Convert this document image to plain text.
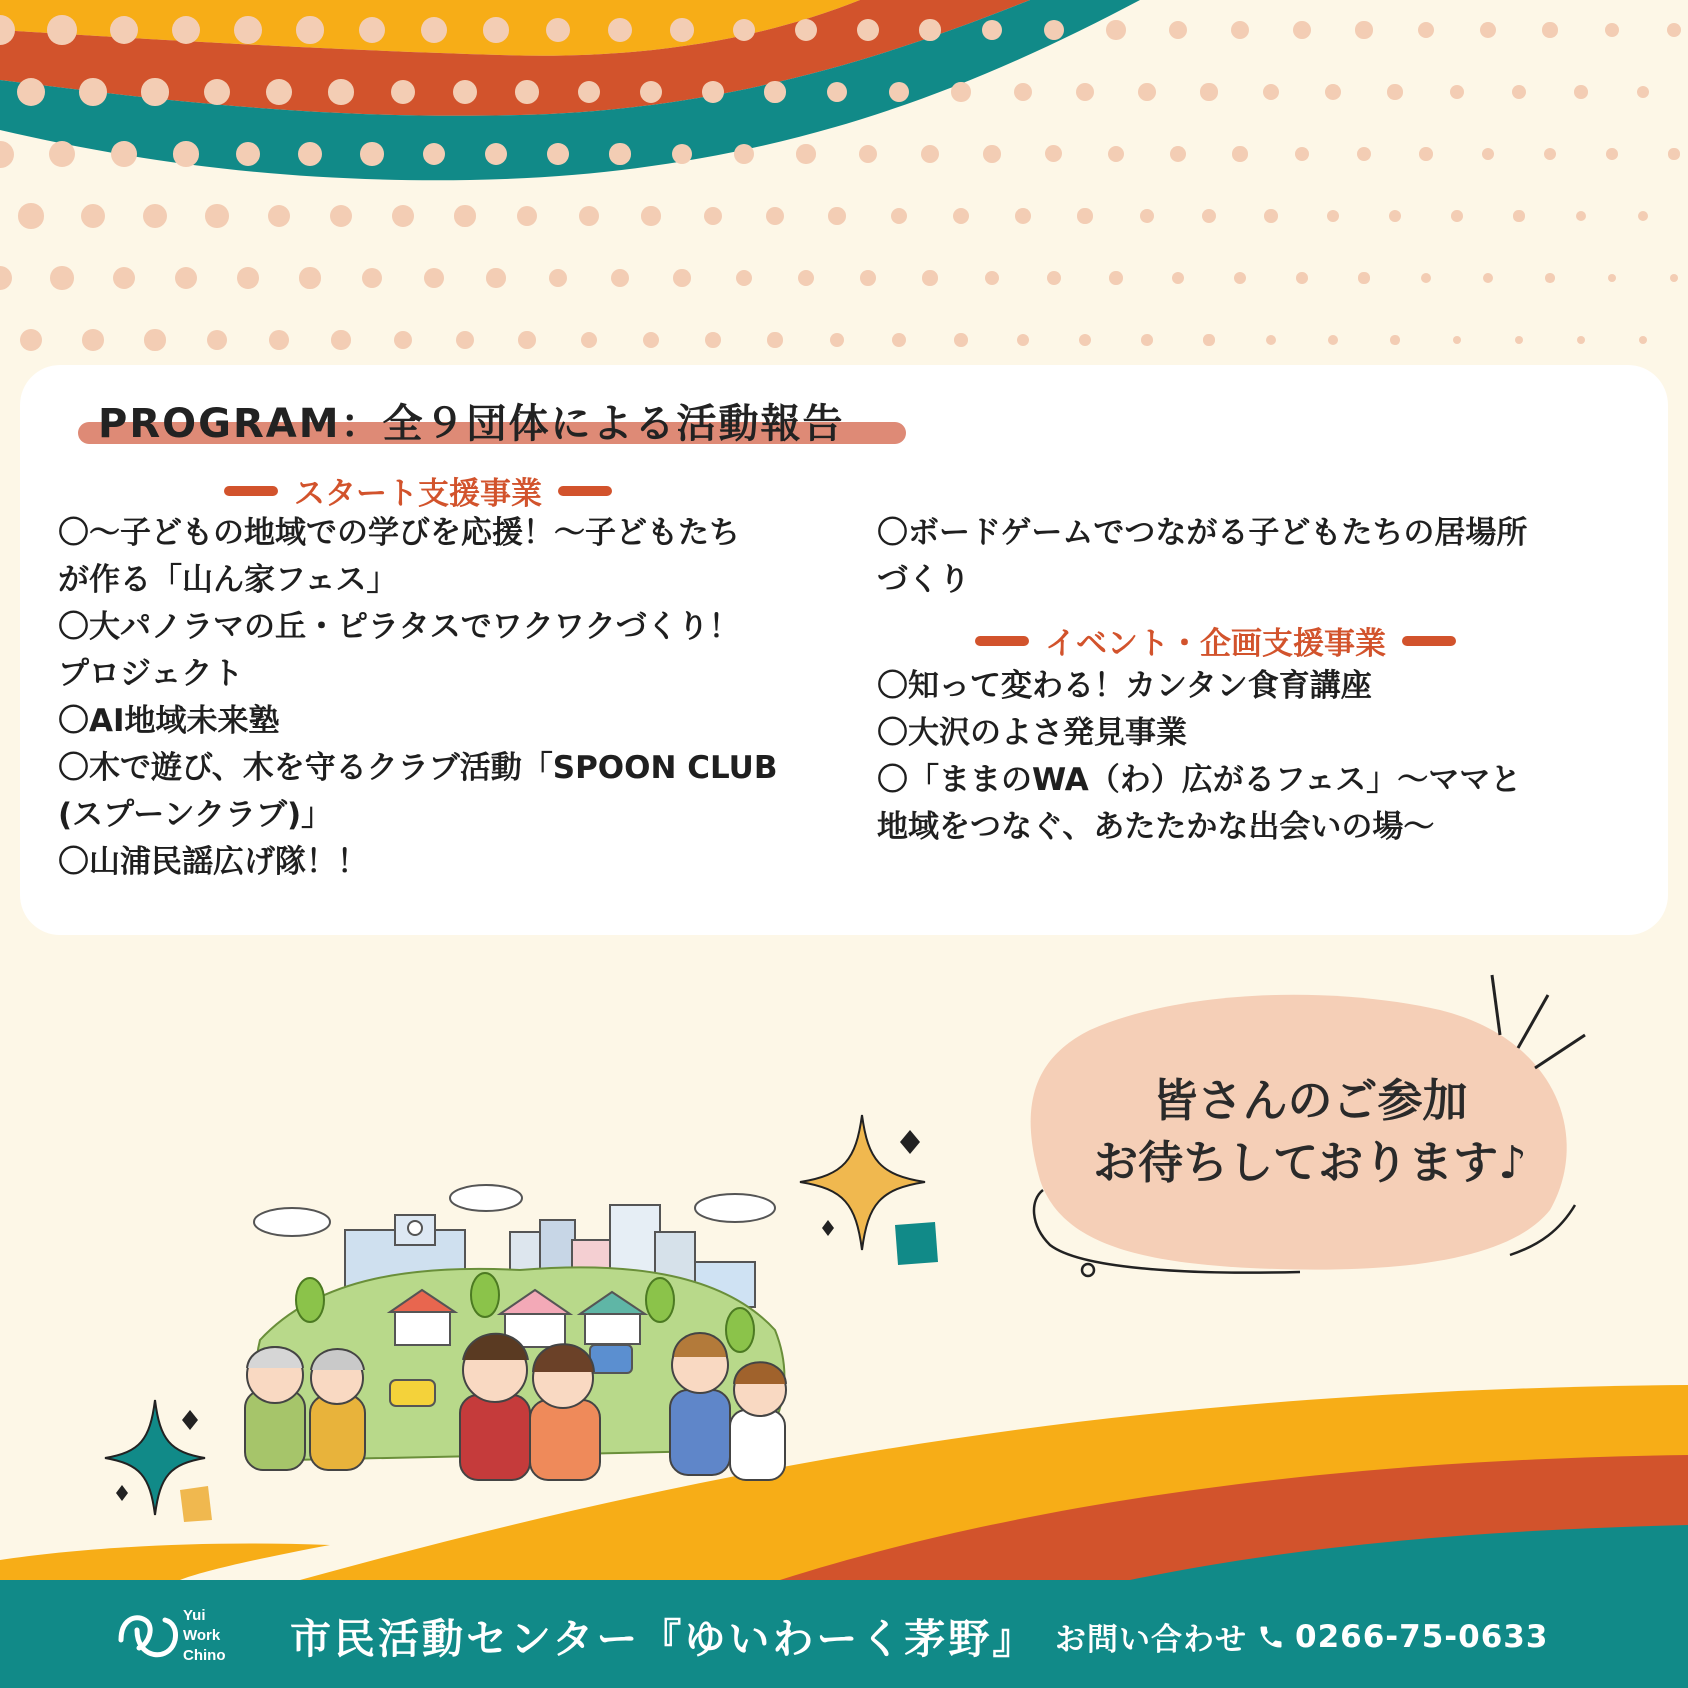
PROGRAM：全９団体による活動報告
スタート支援事業
〇～子どもの地域での学びを応援！～子どもたち
が作る「山ん家フェス」
〇大パノラマの丘・ピラタスでワクワクづくり！
プロジェクト
〇AI地域未来塾
〇木で遊び、木を守るクラブ活動「SPOON CLUB
(スプーンクラブ)」
〇山浦民謡広げ隊！！
〇ボードゲームでつながる子どもたちの居場所
づくり
イベント・企画支援事業
〇知って変わる！カンタン食育講座
〇大沢のよさ発見事業
〇「ままのWA（わ）広がるフェス」～ママと
地域をつなぐ、あたたかな出会いの場～
皆さんのご参加
お待ちしております♪
Yui
Work
Chino 市民活動センター『ゆいわーく茅野』 お問い合わせ 0266-75-0633
